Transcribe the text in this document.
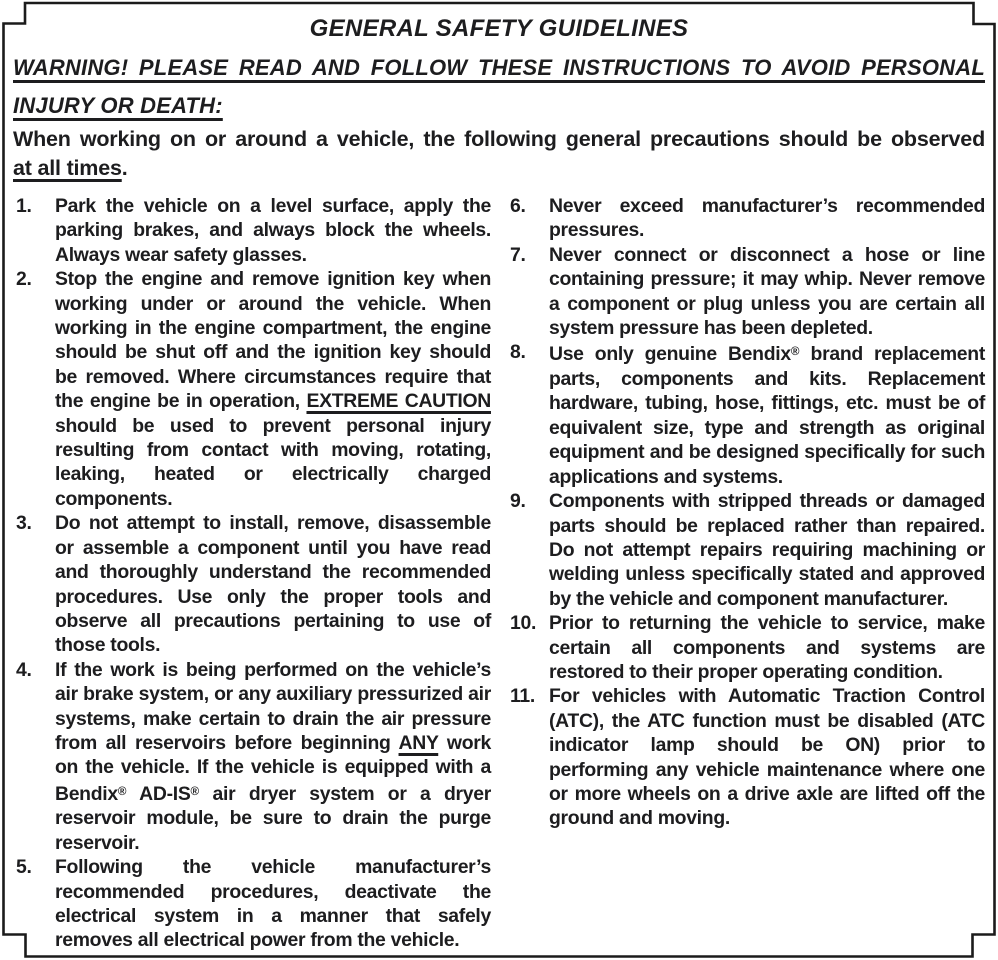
GENERAL SAFETY GUIDELINES
WARNING! PLEASE READ AND FOLLOW THESE INSTRUCTIONS TO AVOID PERSONAL INJURY OR DEATH:

When working on or around a vehicle, the following general precautions should be observed at all times.

1.	Park the vehicle on a level surface, apply the parking brakes, and always block the wheels. Always wear safety glasses.
2.	Stop the engine and remove ignition key when working under or around the vehicle. When working in the engine compartment, the engine should be shut off and the ignition key should be removed. Where circumstances require that the engine be in operation, EXTREME CAUTION should be used to prevent personal injury resulting from contact with moving, rotating, leaking, heated or electrically charged components.
3.	Do not attempt to install, remove, disassemble or assemble a component until you have read and thoroughly understand the recommended procedures. Use only the proper tools and observe all precautions pertaining to use of those tools.
4.	If the work is being performed on the vehicle’s air brake system, or any auxiliary pressurized air systems, make certain to drain the air pressure from all reservoirs before beginning ANY work on the vehicle. If the vehicle is equipped with a Bendix® AD-IS® air dryer system or a dryer reservoir module, be sure to drain the purge reservoir.
5.	Following the vehicle manufacturer’s recommended procedures, deactivate the electrical system in a manner that safely removes all electrical power from the vehicle.
6.	Never exceed manufacturer’s recommended pressures.
7.	Never connect or disconnect a hose or line containing pressure; it may whip. Never remove a component or plug unless you are certain all system pressure has been depleted.
8.	Use only genuine Bendix® brand replacement parts, components and kits. Replacement hardware, tubing, hose, fittings, etc. must be of equivalent size, type and strength as original equipment and be designed specifically for such applications and systems.
9.	Components with stripped threads or damaged parts should be replaced rather than repaired. Do not attempt repairs requiring machining or welding unless specifically stated and approved by the vehicle and component manufacturer.
10. Prior to returning the vehicle to service, make certain all components and systems are restored to their proper operating condition.
11. For vehicles with Automatic Traction Control (ATC), the ATC function must be disabled (ATC indicator lamp should be ON) prior to performing any vehicle maintenance where one or more wheels on a drive axle are lifted off the ground and moving.
